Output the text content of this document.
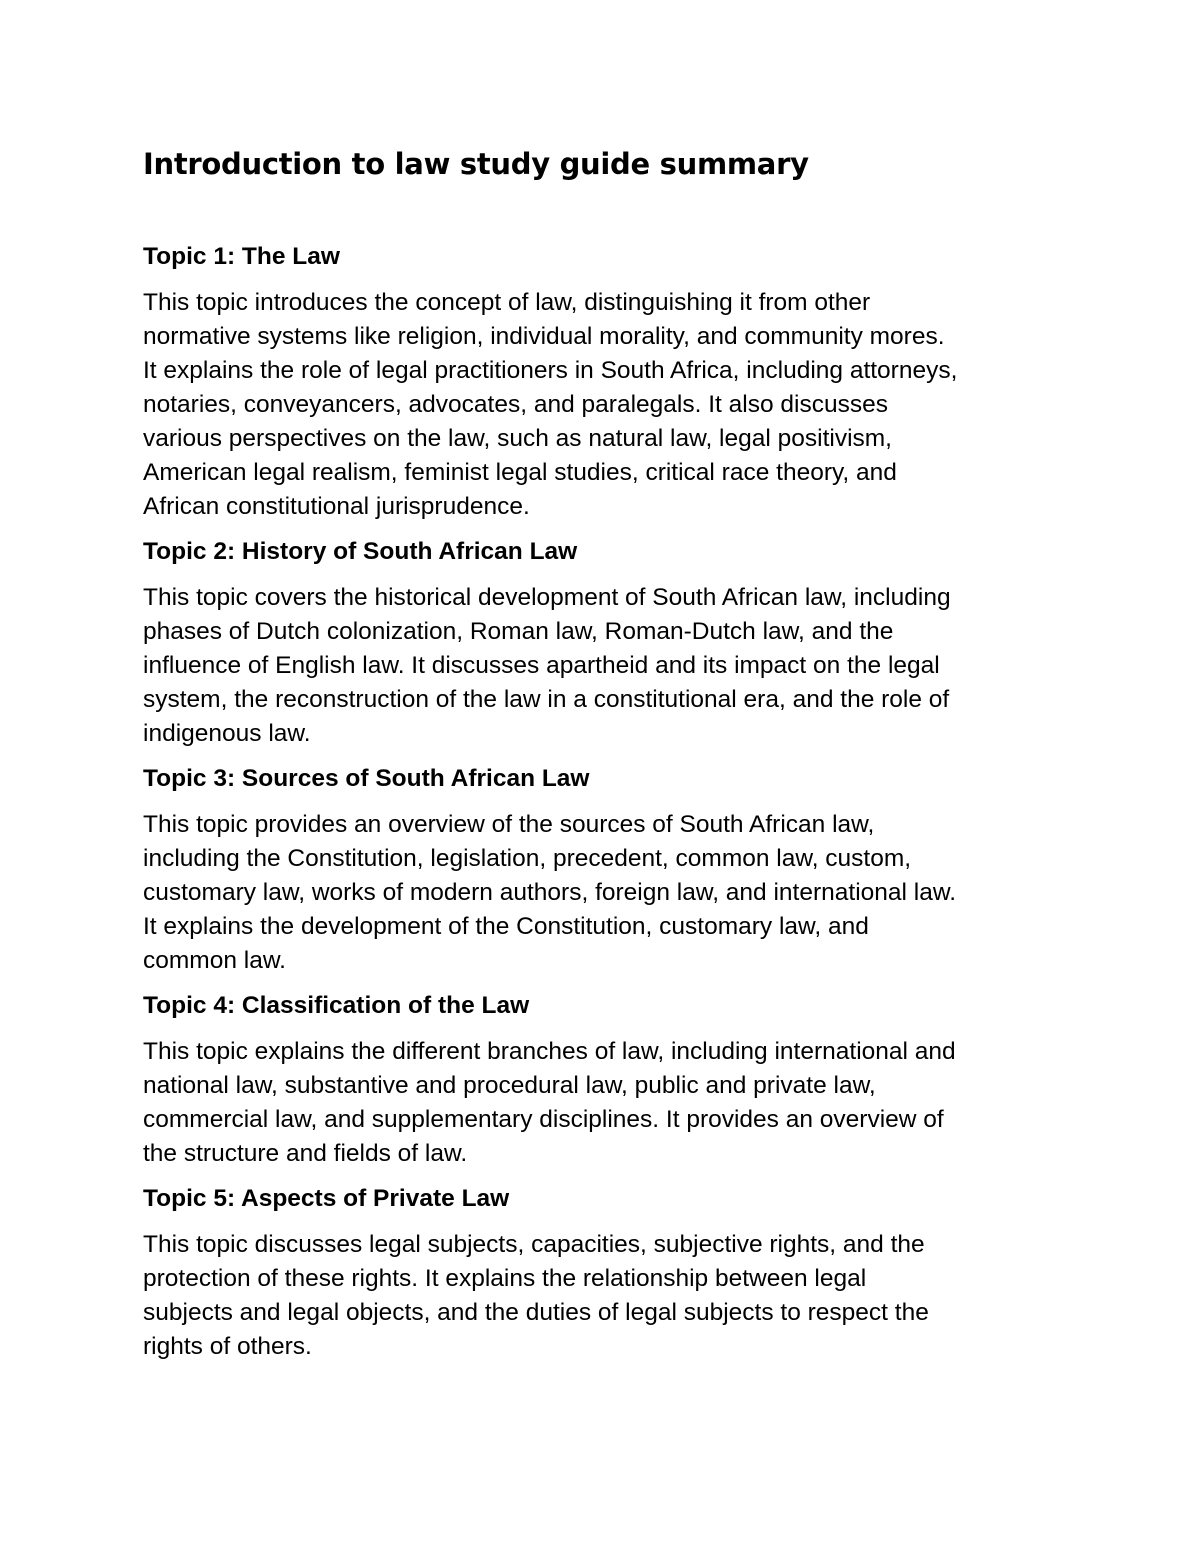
Introduction to law study guide summary
Topic 1: The Law

This topic introduces the concept of law, distinguishing it from other
normative systems like religion, individual morality, and community mores.
It explains the role of legal practitioners in South Africa, including attorneys,
notaries, conveyancers, advocates, and paralegals. It also discusses
various perspectives on the law, such as natural law, legal positivism,
American legal realism, feminist legal studies, critical race theory, and
African constitutional jurisprudence.

Topic 2: History of South African Law

This topic covers the historical development of South African law, including
phases of Dutch colonization, Roman law, Roman-Dutch law, and the
influence of English law. It discusses apartheid and its impact on the legal
system, the reconstruction of the law in a constitutional era, and the role of
indigenous law.

Topic 3: Sources of South African Law

This topic provides an overview of the sources of South African law,
including the Constitution, legislation, precedent, common law, custom,
customary law, works of modern authors, foreign law, and international law.
It explains the development of the Constitution, customary law, and
common law.

Topic 4: Classification of the Law

This topic explains the different branches of law, including international and
national law, substantive and procedural law, public and private law,
commercial law, and supplementary disciplines. It provides an overview of
the structure and fields of law.

Topic 5: Aspects of Private Law

This topic discusses legal subjects, capacities, subjective rights, and the
protection of these rights. It explains the relationship between legal
subjects and legal objects, and the duties of legal subjects to respect the
rights of others.
